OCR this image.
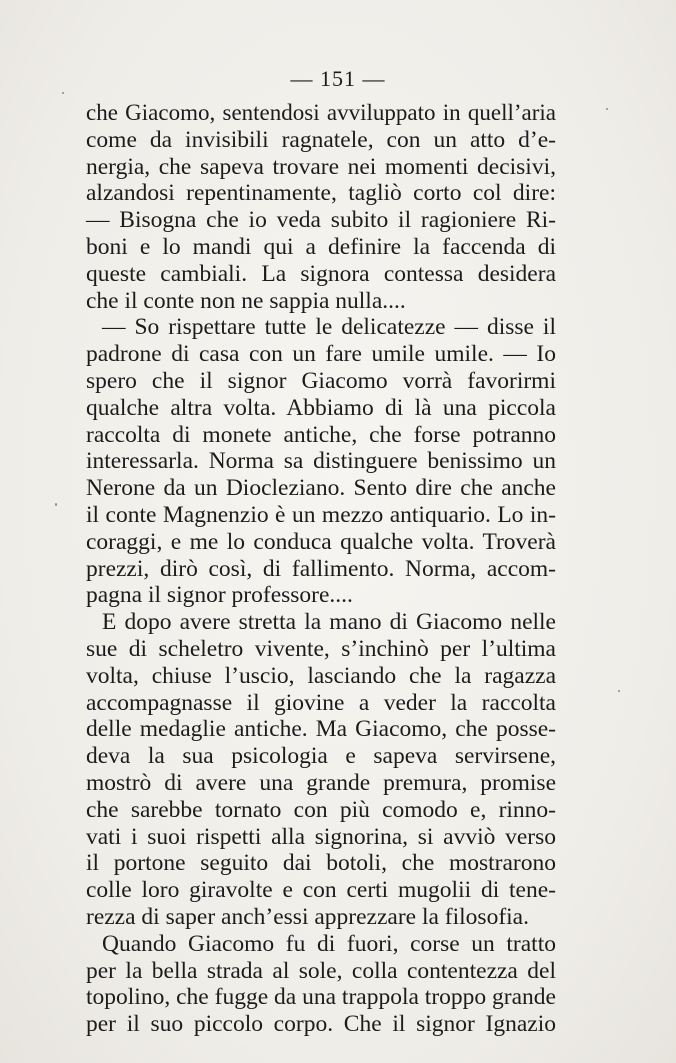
— 151 —
che Giacomo, sentendosi avviluppato in quell’aria
come da invisibili ragnatele, con un atto d’e-
nergia, che sapeva trovare nei momenti decisivi,
alzandosi repentinamente, tagliò corto col dire:
— Bisogna che io veda subito il ragioniere Ri-
boni e lo mandi qui a definire la faccenda di
queste cambiali. La signora contessa desidera
che il conte non ne sappia nulla....
— So rispettare tutte le delicatezze — disse il
padrone di casa con un fare umile umile. — Io
spero che il signor Giacomo vorrà favorirmi
qualche altra volta. Abbiamo di là una piccola
raccolta di monete antiche, che forse potranno
interessarla. Norma sa distinguere benissimo un
Nerone da un Diocleziano. Sento dire che anche
il conte Magnenzio è un mezzo antiquario. Lo in-
coraggi, e me lo conduca qualche volta. Troverà
prezzi, dirò così, di fallimento. Norma, accom-
pagna il signor professore....
E dopo avere stretta la mano di Giacomo nelle
sue di scheletro vivente, s’inchinò per l’ultima
volta, chiuse l’uscio, lasciando che la ragazza
accompagnasse il giovine a veder la raccolta
delle medaglie antiche. Ma Giacomo, che posse-
deva la sua psicologia e sapeva servirsene,
mostrò di avere una grande premura, promise
che sarebbe tornato con più comodo e, rinno-
vati i suoi rispetti alla signorina, si avviò verso
il portone seguito dai botoli, che mostrarono
colle loro giravolte e con certi mugolii di tene-
rezza di saper anch’essi apprezzare la filosofia.
Quando Giacomo fu di fuori, corse un tratto
per la bella strada al sole, colla contentezza del
topolino, che fugge da una trappola troppo grande
per il suo piccolo corpo. Che il signor Ignazio
